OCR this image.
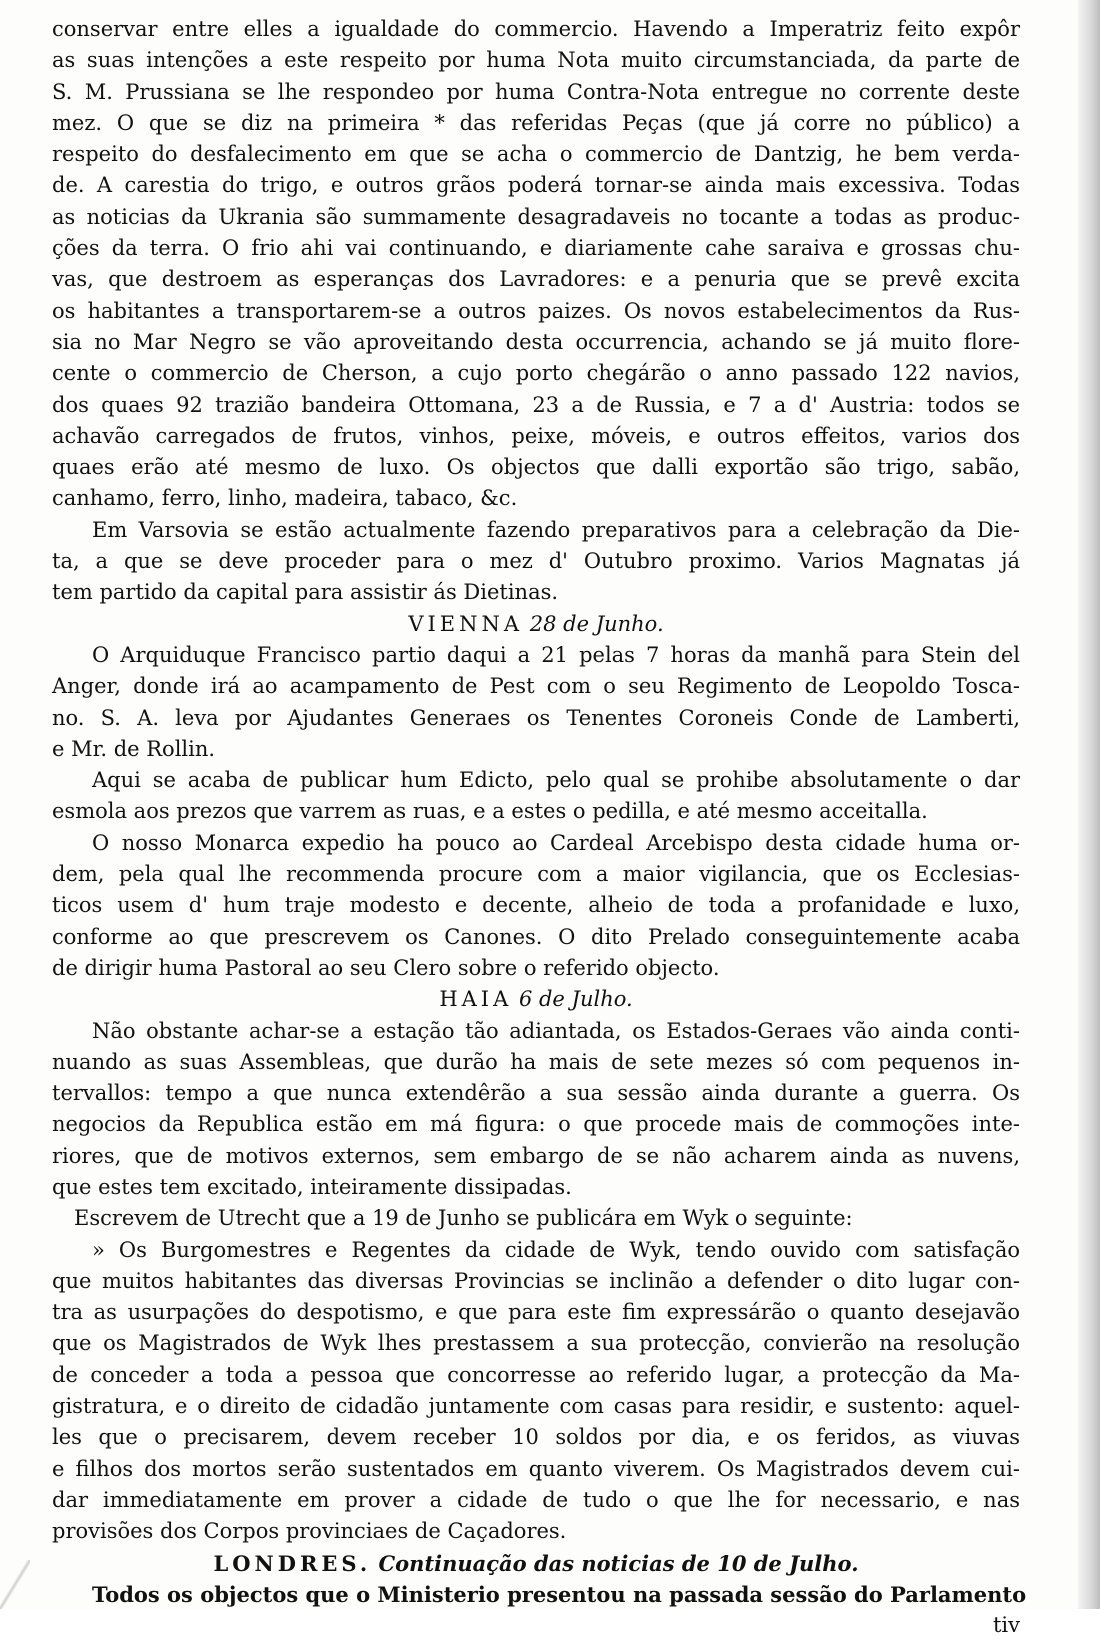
conservar entre elles a igualdade do commercio. Havendo a Imperatriz feito expôr
as suas intenções a este respeito por huma Nota muito circumstanciada, da parte de
S. M. Prussiana se lhe respondeo por huma Contra-Nota entregue no corrente deste
mez. O que se diz na primeira * das referidas Peças (que já corre no público) a
respeito do desfalecimento em que se acha o commercio de Dantzig, he bem verda-
de. A carestia do trigo, e outros grãos poderá tornar-se ainda mais excessiva. Todas
as noticias da Ukrania são summamente desagradaveis no tocante a todas as produc-
ções da terra. O frio ahi vai continuando, e diariamente cahe saraiva e grossas chu-
vas, que destroem as esperanças dos Lavradores: e a penuria que se prevê excita
os habitantes a transportarem-se a outros paizes. Os novos estabelecimentos da Rus-
sia no Mar Negro se vão aproveitando desta occurrencia, achando se já muito flore-
cente o commercio de Cherson, a cujo porto chegárão o anno passado 122 navios,
dos quaes 92 trazião bandeira Ottomana, 23 a de Russia, e 7 a d' Austria: todos se
achavão carregados de frutos, vinhos, peixe, móveis, e outros effeitos, varios dos
quaes erão até mesmo de luxo. Os objectos que dalli exportão são trigo, sabão,
canhamo, ferro, linho, madeira, tabaco, &c.
Em Varsovia se estão actualmente fazendo preparativos para a celebração da Die-
ta, a que se deve proceder para o mez d' Outubro proximo. Varios Magnatas já
tem partido da capital para assistir ás Dietinas.
VIENNA 28 de Junho.
O Arquiduque Francisco partio daqui a 21 pelas 7 horas da manhã para Stein del
Anger, donde irá ao acampamento de Pest com o seu Regimento de Leopoldo Tosca-
no. S. A. leva por Ajudantes Generaes os Tenentes Coroneis Conde de Lamberti,
e Mr. de Rollin.
Aqui se acaba de publicar hum Edicto, pelo qual se prohibe absolutamente o dar
esmola aos prezos que varrem as ruas, e a estes o pedilla, e até mesmo acceitalla.
O nosso Monarca expedio ha pouco ao Cardeal Arcebispo desta cidade huma or-
dem, pela qual lhe recommenda procure com a maior vigilancia, que os Ecclesias-
ticos usem d' hum traje modesto e decente, alheio de toda a profanidade e luxo,
conforme ao que prescrevem os Canones. O dito Prelado conseguintemente acaba
de dirigir huma Pastoral ao seu Clero sobre o referido objecto.
HAIA 6 de Julho.
Não obstante achar-se a estação tão adiantada, os Estados-Geraes vão ainda conti-
nuando as suas Assembleas, que durão ha mais de sete mezes só com pequenos in-
tervallos: tempo a que nunca extendêrão a sua sessão ainda durante a guerra. Os
negocios da Republica estão em má figura: o que procede mais de commoções inte-
riores, que de motivos externos, sem embargo de se não acharem ainda as nuvens,
que estes tem excitado, inteiramente dissipadas.
Escrevem de Utrecht que a 19 de Junho se publicára em Wyk o seguinte:
» Os Burgomestres e Regentes da cidade de Wyk, tendo ouvido com satisfação
que muitos habitantes das diversas Provincias se inclinão a defender o dito lugar con-
tra as usurpações do despotismo, e que para este fim expressárão o quanto desejavão
que os Magistrados de Wyk lhes prestassem a sua protecção, convierão na resolução
de conceder a toda a pessoa que concorresse ao referido lugar, a protecção da Ma-
gistratura, e o direito de cidadão juntamente com casas para residir, e sustento: aquel-
les que o precisarem, devem receber 10 soldos por dia, e os feridos, as viuvas
e filhos dos mortos serão sustentados em quanto viverem. Os Magistrados devem cui-
dar immediatamente em prover a cidade de tudo o que lhe for necessario, e nas
provisões dos Corpos provinciaes de Caçadores.
LONDRES. Continuação das noticias de 10 de Julho.
Todos os objectos que o Ministerio presentou na passada sessão do Parlamento
tiv
